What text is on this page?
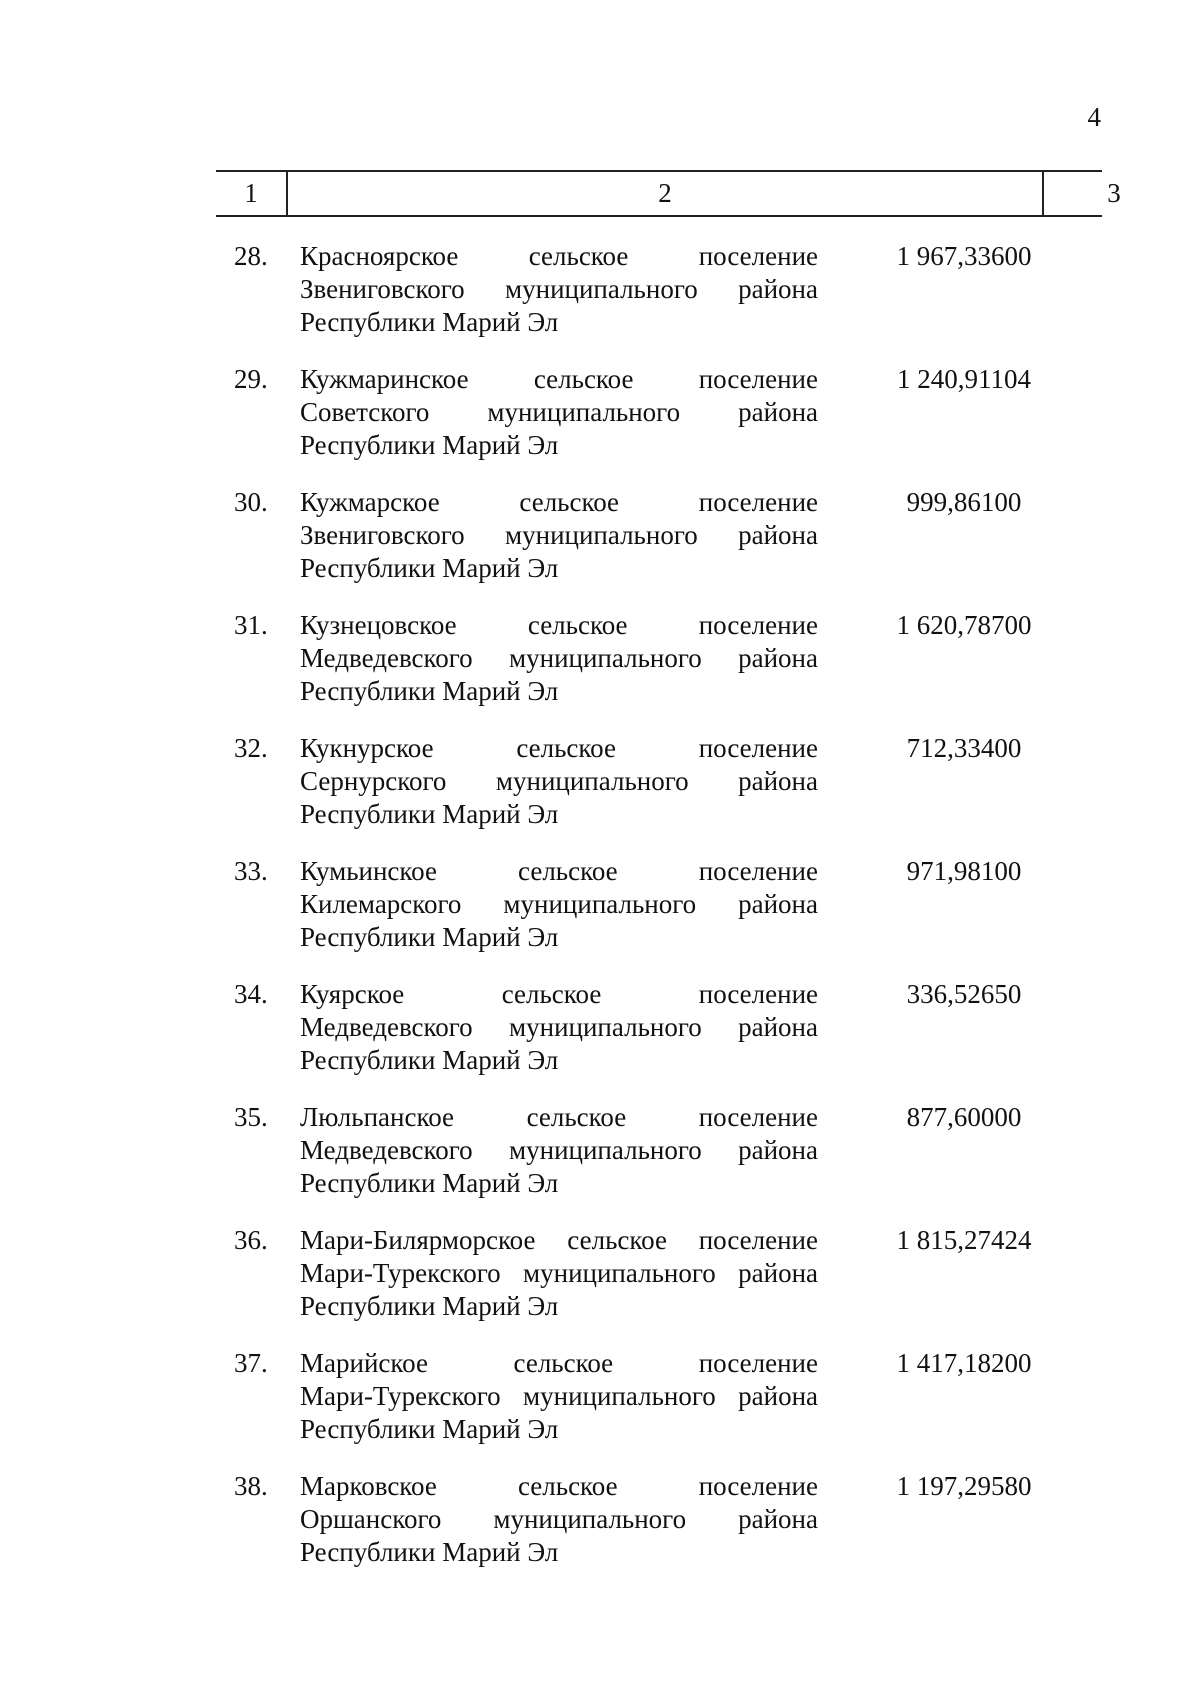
4
1	2	3
28. Красноярское сельское поселение
Звениговского муниципального района
Республики Марий Эл
1 967,33600
29. Кужмаринское сельское поселение
Советского муниципального района
Республики Марий Эл
1 240,91104
30. Кужмарское сельское поселение
Звениговского муниципального района
Республики Марий Эл
999,86100
31. Кузнецовское сельское поселение
Медведевского муниципального района
Республики Марий Эл
1 620,78700
32. Кукнурское сельское поселение
Сернурского муниципального района
Республики Марий Эл
712,33400
33. Кумьинское сельское поселение
Килемарского муниципального района
Республики Марий Эл
971,98100
34. Куярское сельское поселение
Медведевского муниципального района
Республики Марий Эл
336,52650
35. Люльпанское сельское поселение
Медведевского муниципального района
Республики Марий Эл
877,60000
36. Мари-Билярморское сельское поселение
Мари-Турекского муниципального района
Республики Марий Эл
1 815,27424
37. Марийское сельское поселение
Мари-Турекского муниципального района
Республики Марий Эл
1 417,18200
38. Марковское сельское поселение
Оршанского муниципального района
Республики Марий Эл
1 197,29580
